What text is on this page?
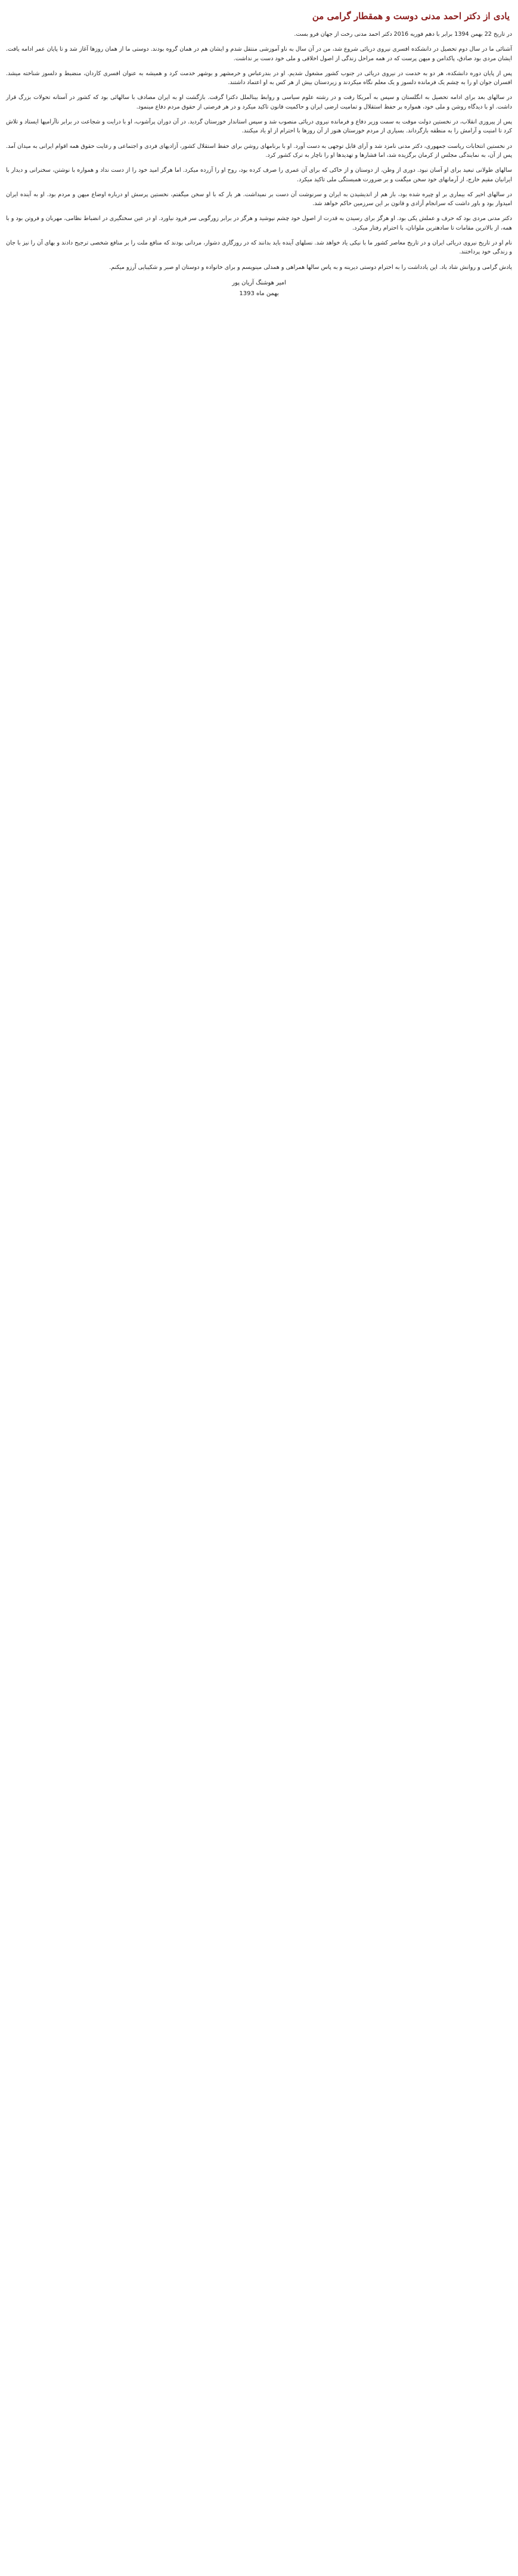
یادی از دکتر احمد مدنی دوست و همقطار گرامی من

در تاریخ 22 بهمن 1394 برابر با دهم فوریه 2016 دکتر احمد مدنی رخت از جهان فرو بست.

آشنائی ما در سال دوم تحصیل در دانشکده افسری نیروی دریائی شروع شد، من در آن سال به ناو آموزشی منتقل شدم و ایشان هم در همان گروه بودند. دوستی ما از همان روزها آغاز شد و تا پایان عمر ادامه یافت. ایشان مردی بود صادق، پاکدامن و میهن پرست که در همه مراحل زندگی از اصول اخلاقی و ملی خود دست بر نداشت.

پس از پایان دوره دانشکده، هر دو به خدمت در نیروی دریائی در جنوب کشور مشغول شدیم. او در بندرعباس و خرمشهر و بوشهر خدمت کرد و همیشه به عنوان افسری کاردان، منضبط و دلسوز شناخته میشد. افسران جوان او را به چشم یک فرمانده دلسوز و یک معلم نگاه میکردند و زیردستان بیش از هر کس به او اعتماد داشتند.

در سالهای بعد برای ادامه تحصیل به انگلستان و سپس به آمریکا رفت و در رشته علوم سیاسی و روابط بینالملل دکترا گرفت. بازگشت او به ایران مصادف با سالهائی بود که کشور در آستانه تحولات بزرگ قرار داشت. او با دیدگاه روشن و ملی خود، همواره بر حفظ استقلال و تمامیت ارضی ایران و حاکمیت قانون تاکید میکرد و در هر فرصتی از حقوق مردم دفاع مینمود.

پس از پیروزی انقلاب، در نخستین دولت موقت به سمت وزیر دفاع و فرمانده نیروی دریائی منصوب شد و سپس استاندار خوزستان گردید. در آن دوران پرآشوب، او با درایت و شجاعت در برابر ناآرامیها ایستاد و تلاش کرد تا امنیت و آرامش را به منطقه بازگرداند. بسیاری از مردم خوزستان هنوز از آن روزها با احترام از او یاد میکنند.

در نخستین انتخابات ریاست جمهوری، دکتر مدنی نامزد شد و آرای قابل توجهی به دست آورد. او با برنامهای روشن برای حفظ استقلال کشور، آزادیهای فردی و اجتماعی و رعایت حقوق همه اقوام ایرانی به میدان آمد. پس از آن، به نمایندگی مجلس از کرمان برگزیده شد، اما فشارها و تهدیدها او را ناچار به ترک کشور کرد.

سالهای طولانی تبعید برای او آسان نبود. دوری از وطن، از دوستان و از خاکی که برای آن عمری را صرف کرده بود، روح او را آزرده میکرد. اما هرگز امید خود را از دست نداد و همواره با نوشتن، سخنرانی و دیدار با ایرانیان مقیم خارج، از آرمانهای خود سخن میگفت و بر ضرورت همبستگی ملی تاکید میکرد.

در سالهای اخیر که بیماری بر او چیره شده بود، باز هم از اندیشیدن به ایران و سرنوشت آن دست بر نمیداشت. هر بار که با او سخن میگفتم، نخستین پرسش او درباره اوضاع میهن و مردم بود. او به آینده ایران امیدوار بود و باور داشت که سرانجام آزادی و قانون بر این سرزمین حاکم خواهد شد.

دکتر مدنی مردی بود که حرف و عملش یکی بود. او هرگز برای رسیدن به قدرت از اصول خود چشم نپوشید و هرگز در برابر زورگویی سر فرود نیاورد. او در عین سختگیری در انضباط نظامی، مهربان و فروتن بود و با همه، از بالاترین مقامات تا سادهترین ملوانان، با احترام رفتار میکرد.

نام او در تاریخ نیروی دریائی ایران و در تاریخ معاصر کشور ما با نیکی یاد خواهد شد. نسلهای آینده باید بدانند که در روزگاری دشوار، مردانی بودند که منافع ملت را بر منافع شخصی ترجیح دادند و بهای آن را نیز با جان و زندگی خود پرداختند.

یادش گرامی و روانش شاد باد. این یادداشت را به احترام دوستی دیرینه و به پاس سالها همراهی و همدلی مینویسم و برای خانواده و دوستان او صبر و شکیبایی آرزو میکنم.

امیر هوشنگ آریان پور
بهمن ماه 1393
